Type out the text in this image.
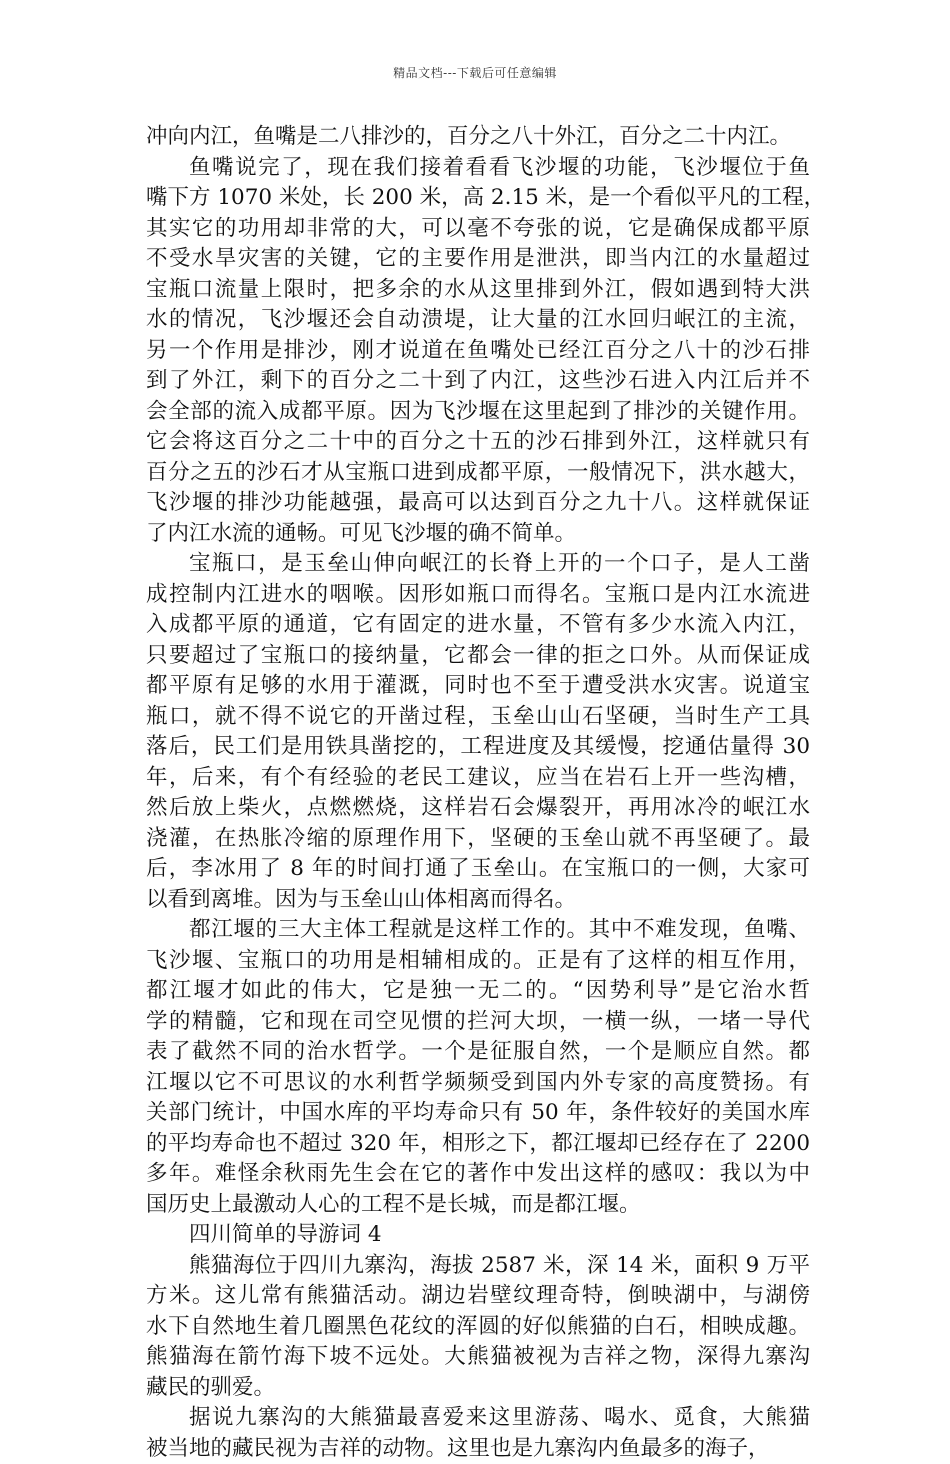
精品文档---下载后可任意编辑
冲向内江，鱼嘴是二八排沙的，百分之八十外江，百分之二十内江。
鱼嘴说完了，现在我们接着看看飞沙堰的功能，飞沙堰位于鱼
嘴下方 1070 米处，长 200 米，高 2.15 米，是一个看似平凡的工程，
其实它的功用却非常的大，可以毫不夸张的说，它是确保成都平原
不受水旱灾害的关键，它的主要作用是泄洪，即当内江的水量超过
宝瓶口流量上限时，把多余的水从这里排到外江，假如遇到特大洪
水的情况，飞沙堰还会自动溃堤，让大量的江水回归岷江的主流，
另一个作用是排沙，刚才说道在鱼嘴处已经江百分之八十的沙石排
到了外江，剩下的百分之二十到了内江，这些沙石进入内江后并不
会全部的流入成都平原。因为飞沙堰在这里起到了排沙的关键作用。
它会将这百分之二十中的百分之十五的沙石排到外江，这样就只有
百分之五的沙石才从宝瓶口进到成都平原，一般情况下，洪水越大，
飞沙堰的排沙功能越强，最高可以达到百分之九十八。这样就保证
了内江水流的通畅。可见飞沙堰的确不简单。
宝瓶口，是玉垒山伸向岷江的长脊上开的一个口子，是人工凿
成控制内江进水的咽喉。因形如瓶口而得名。宝瓶口是内江水流进
入成都平原的通道，它有固定的进水量，不管有多少水流入内江，
只要超过了宝瓶口的接纳量，它都会一律的拒之口外。从而保证成
都平原有足够的水用于灌溉，同时也不至于遭受洪水灾害。说道宝
瓶口，就不得不说它的开凿过程，玉垒山山石坚硬，当时生产工具
落后，民工们是用铁具凿挖的，工程进度及其缓慢，挖通估量得 30
年，后来，有个有经验的老民工建议，应当在岩石上开一些沟槽，
然后放上柴火，点燃燃烧，这样岩石会爆裂开，再用冰冷的岷江水
浇灌，在热胀冷缩的原理作用下，坚硬的玉垒山就不再坚硬了。最
后，李冰用了 8 年的时间打通了玉垒山。在宝瓶口的一侧，大家可
以看到离堆。因为与玉垒山山体相离而得名。
都江堰的三大主体工程就是这样工作的。其中不难发现，鱼嘴、
飞沙堰、宝瓶口的功用是相辅相成的。正是有了这样的相互作用，
都江堰才如此的伟大，它是独一无二的。“因势利导”是它治水哲
学的精髓，它和现在司空见惯的拦河大坝，一横一纵，一堵一导代
表了截然不同的治水哲学。一个是征服自然，一个是顺应自然。都
江堰以它不可思议的水利哲学频频受到国内外专家的高度赞扬。有
关部门统计，中国水库的平均寿命只有 50 年，条件较好的美国水库
的平均寿命也不超过 320 年，相形之下，都江堰却已经存在了 2200
多年。难怪余秋雨先生会在它的著作中发出这样的感叹：我以为中
国历史上最激动人心的工程不是长城，而是都江堰。
四川简单的导游词 4
熊猫海位于四川九寨沟，海拔 2587 米，深 14 米，面积 9 万平
方米。这儿常有熊猫活动。湖边岩壁纹理奇特，倒映湖中，与湖傍
水下自然地生着几圈黑色花纹的浑圆的好似熊猫的白石，相映成趣。
熊猫海在箭竹海下坡不远处。大熊猫被视为吉祥之物，深得九寨沟
藏民的驯爱。
据说九寨沟的大熊猫最喜爱来这里游荡、喝水、觅食，大熊猫
被当地的藏民视为吉祥的动物。这里也是九寨沟内鱼最多的海子，
